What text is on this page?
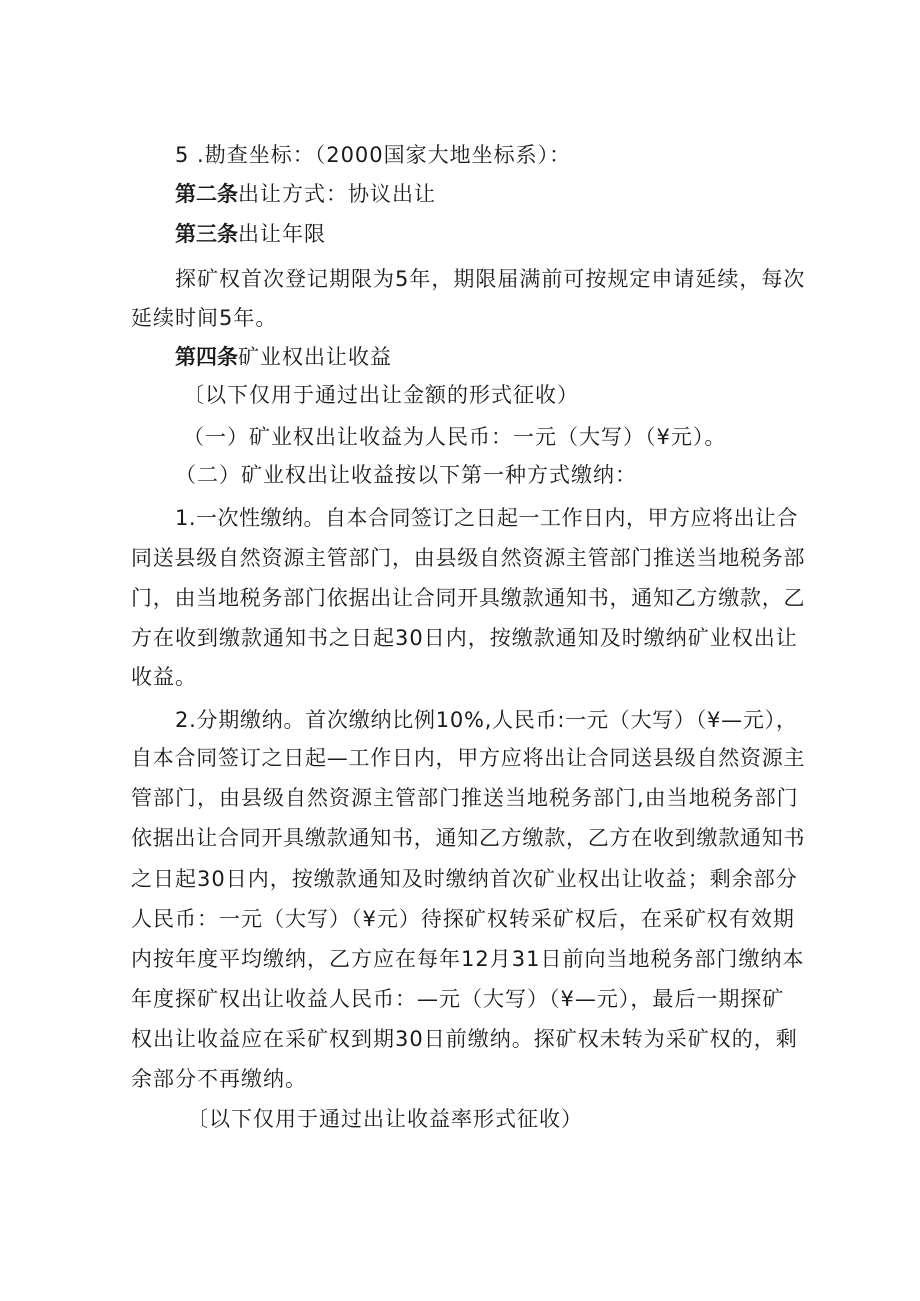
5 .勘查坐标：（2000国家大地坐标系）：
第二条出让方式：协议出让
第三条出让年限
探矿权首次登记期限为5年，期限届满前可按规定申请延续，每次
延续时间5年。
第四条矿业权出让收益
〔以下仅用于通过出让金额的形式征收）
（一）矿业权出让收益为人民币：一元（大写）（¥元）。
（二）矿业权出让收益按以下第一种方式缴纳：
1.一次性缴纳。自本合同签订之日起一工作日内，甲方应将出让合
同送县级自然资源主管部门，由县级自然资源主管部门推送当地税务部
门，由当地税务部门依据出让合同开具缴款通知书，通知乙方缴款，乙
方在收到缴款通知书之日起30日内，按缴款通知及时缴纳矿业权出让
收益。
2.分期缴纳。首次缴纳比例10%,人民币:一元（大写）（¥—元），
自本合同签订之日起—工作日内，甲方应将出让合同送县级自然资源主
管部门，由县级自然资源主管部门推送当地税务部门,由当地税务部门
依据出让合同开具缴款通知书，通知乙方缴款，乙方在收到缴款通知书
之日起30日内，按缴款通知及时缴纳首次矿业权出让收益；剩余部分
人民币：一元（大写）（¥元）待探矿权转采矿权后，在采矿权有效期
内按年度平均缴纳，乙方应在每年12月31日前向当地税务部门缴纳本
年度探矿权出让收益人民币：—元（大写）（¥—元），最后一期探矿
权出让收益应在采矿权到期30日前缴纳。探矿权未转为采矿权的，剩
余部分不再缴纳。
〔以下仅用于通过出让收益率形式征收）
